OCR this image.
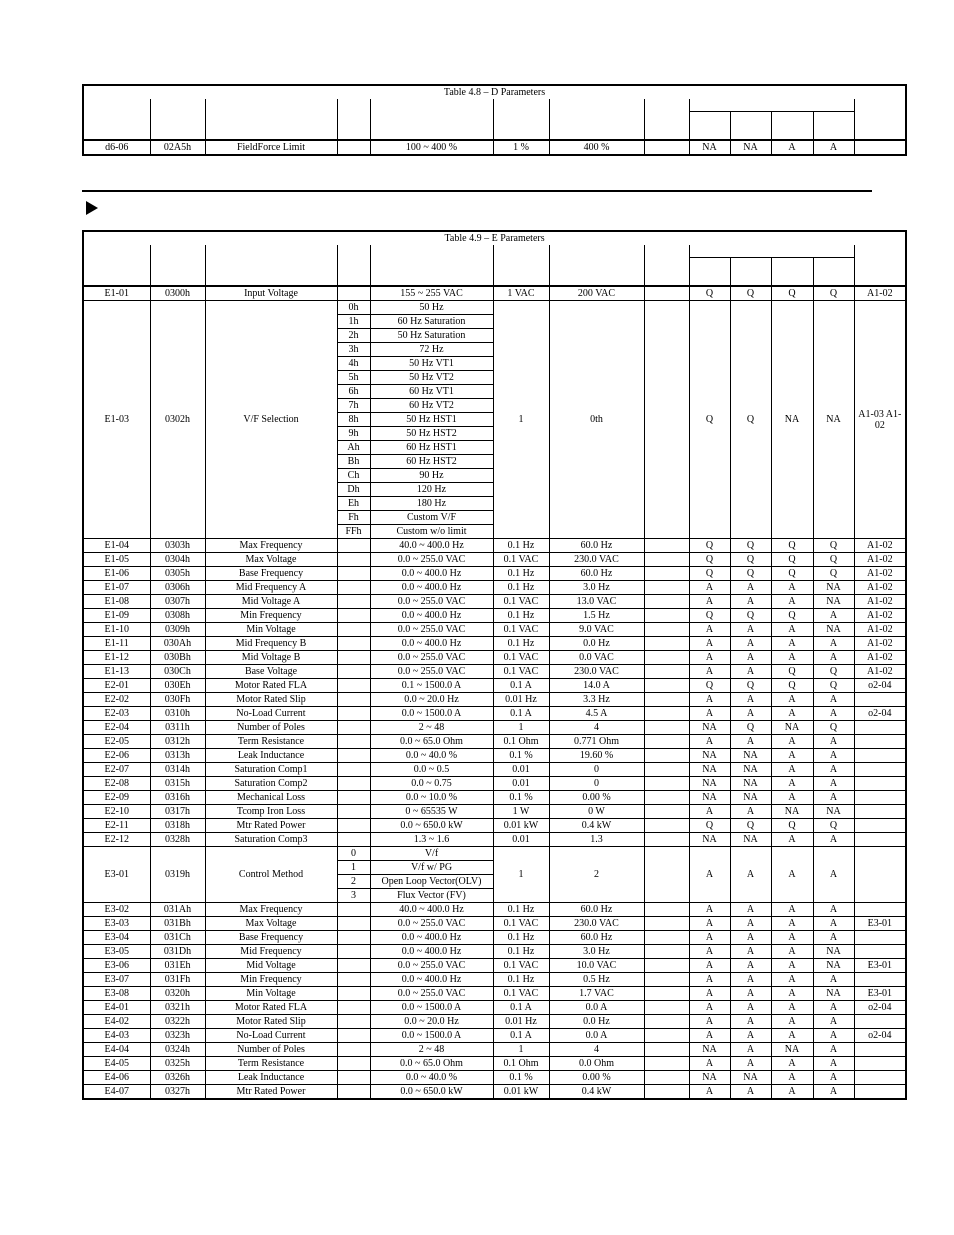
Table 4.8 – D Parameters												

d6-06	02A5h	FieldForce Limit		100 ~ 400 %	1 %	400 %		NA	NA	A	A	
Table 4.9 – E Parameters												

E1-01	0300h	Input Voltage		155 ~ 255 VAC	1 VAC	200 VAC		Q	Q	Q	Q	A1-02
E1-03	0302h	V/F Selection	0h	50 Hz	1	0th		Q	Q	NA	NA	A1-03 A1-02
			1h	60 Hz Saturation								
			2h	50 Hz Saturation								
			3h	72 Hz								
			4h	50 Hz VT1								
			5h	50 Hz VT2								
			6h	60 Hz VT1								
			7h	60 Hz VT2								
			8h	50 Hz HST1								
			9h	50 Hz HST2								
			Ah	60 Hz HST1								
			Bh	60 Hz HST2								
			Ch	90 Hz								
			Dh	120 Hz								
			Eh	180 Hz								
			Fh	Custom V/F								
			FFh	Custom w/o limit								
E1-04	0303h	Max Frequency		40.0 ~ 400.0 Hz	0.1 Hz	60.0 Hz		Q	Q	Q	Q	A1-02
E1-05	0304h	Max Voltage		0.0 ~ 255.0 VAC	0.1 VAC	230.0 VAC		Q	Q	Q	Q	A1-02
E1-06	0305h	Base Frequency		0.0 ~ 400.0 Hz	0.1 Hz	60.0 Hz		Q	Q	Q	Q	A1-02
E1-07	0306h	Mid Frequency A		0.0 ~ 400.0 Hz	0.1 Hz	3.0 Hz		A	A	A	NA	A1-02
E1-08	0307h	Mid Voltage A		0.0 ~ 255.0 VAC	0.1 VAC	13.0 VAC		A	A	A	NA	A1-02
E1-09	0308h	Min Frequency		0.0 ~ 400.0 Hz	0.1 Hz	1.5 Hz		Q	Q	Q	A	A1-02
E1-10	0309h	Min Voltage		0.0 ~ 255.0 VAC	0.1 VAC	9.0 VAC		A	A	A	NA	A1-02
E1-11	030Ah	Mid Frequency B		0.0 ~ 400.0 Hz	0.1 Hz	0.0 Hz		A	A	A	A	A1-02
E1-12	030Bh	Mid Voltage B		0.0 ~ 255.0 VAC	0.1 VAC	0.0 VAC		A	A	A	A	A1-02
E1-13	030Ch	Base Voltage		0.0 ~ 255.0 VAC	0.1 VAC	230.0 VAC		A	A	Q	Q	A1-02
E2-01	030Eh	Motor Rated FLA		0.1 ~ 1500.0 A	0.1 A	14.0 A		Q	Q	Q	Q	o2-04
E2-02	030Fh	Motor Rated Slip		0.0 ~ 20.0 Hz	0.01 Hz	3.3 Hz		A	A	A	A	
E2-03	0310h	No-Load Current		0.0 ~ 1500.0 A	0.1 A	4.5 A		A	A	A	A	o2-04
E2-04	0311h	Number of Poles		2 ~ 48	1	4		NA	Q	NA	Q	
E2-05	0312h	Term Resistance		0.0 ~ 65.0 Ohm	0.1 Ohm	0.771 Ohm		A	A	A	A	
E2-06	0313h	Leak Inductance		0.0 ~ 40.0 %	0.1 %	19.60 %		NA	NA	A	A	
E2-07	0314h	Saturation Comp1		0.0 ~ 0.5	0.01	0		NA	NA	A	A	
E2-08	0315h	Saturation Comp2		0.0 ~ 0.75	0.01	0		NA	NA	A	A	
E2-09	0316h	Mechanical Loss		0.0 ~ 10.0 %	0.1 %	0.00 %		NA	NA	A	A	
E2-10	0317h	Tcomp Iron Loss		0 ~ 65535 W	1 W	0 W		A	A	NA	NA	
E2-11	0318h	Mtr Rated Power		0.0 ~ 650.0 kW	0.01 kW	0.4 kW		Q	Q	Q	Q	
E2-12	0328h	Saturation Comp3		1.3 ~ 1.6	0.01	1.3		NA	NA	A	A	
E3-01	0319h	Control Method	0	V/f	1	2		A	A	A	A	
			1	V/f w/ PG								
			2	Open Loop Vector(OLV)								
			3	Flux Vector (FV)								
E3-02	031Ah	Max Frequency		40.0 ~ 400.0 Hz	0.1 Hz	60.0 Hz		A	A	A	A	
E3-03	031Bh	Max Voltage		0.0 ~ 255.0 VAC	0.1 VAC	230.0 VAC		A	A	A	A	E3-01
E3-04	031Ch	Base Frequency		0.0 ~ 400.0 Hz	0.1 Hz	60.0 Hz		A	A	A	A	
E3-05	031Dh	Mid Frequency		0.0 ~ 400.0 Hz	0.1 Hz	3.0 Hz		A	A	A	NA	
E3-06	031Eh	Mid Voltage		0.0 ~ 255.0 VAC	0.1 VAC	10.0 VAC		A	A	A	NA	E3-01
E3-07	031Fh	Min Frequency		0.0 ~ 400.0 Hz	0.1 Hz	0.5 Hz		A	A	A	A	
E3-08	0320h	Min Voltage		0.0 ~ 255.0 VAC	0.1 VAC	1.7 VAC		A	A	A	NA	E3-01
E4-01	0321h	Motor Rated FLA		0.0 ~ 1500.0 A	0.1 A	0.0 A		A	A	A	A	o2-04
E4-02	0322h	Motor Rated Slip		0.0 ~ 20.0 Hz	0.01 Hz	0.0 Hz		A	A	A	A	
E4-03	0323h	No-Load Current		0.0 ~ 1500.0 A	0.1 A	0.0 A		A	A	A	A	o2-04
E4-04	0324h	Number of Poles		2 ~ 48	1	4		NA	A	NA	A	
E4-05	0325h	Term Resistance		0.0 ~ 65.0 Ohm	0.1 Ohm	0.0 Ohm		A	A	A	A	
E4-06	0326h	Leak Inductance		0.0 ~ 40.0 %	0.1 %	0.00 %		NA	NA	A	A	
E4-07	0327h	Mtr Rated Power		0.0 ~ 650.0 kW	0.01 kW	0.4 kW		A	A	A	A	
